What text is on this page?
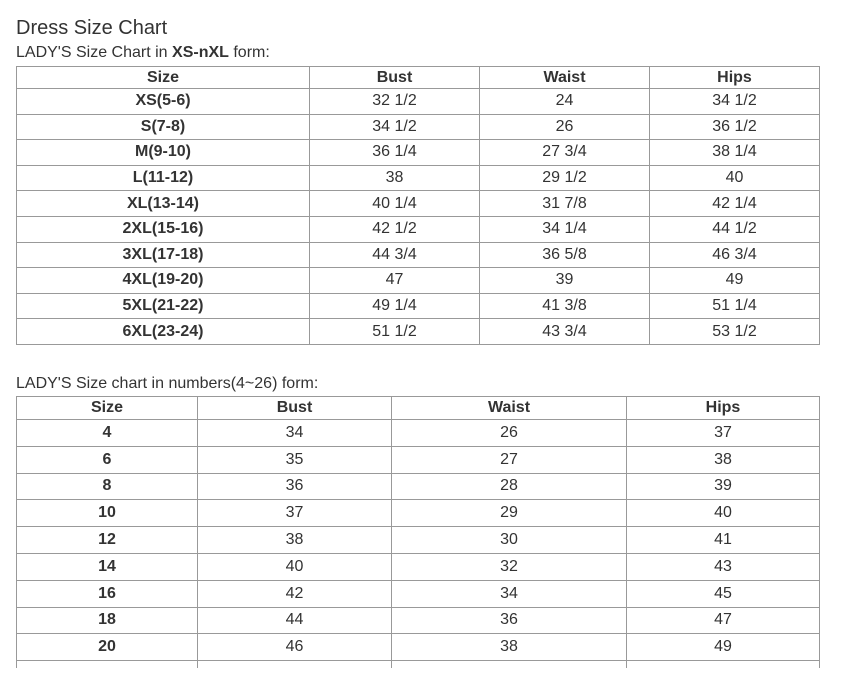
Dress Size Chart
LADY'S Size Chart in XS-nXL form:
Size	Bust	Waist	Hips
XS(5-6)	32 1/2	24	34 1/2
S(7-8)	34 1/2	26	36 1/2
M(9-10)	36 1/4	27 3/4	38 1/4
L(11-12)	38	29 1/2	40
XL(13-14)	40 1/4	31 7/8	42 1/4
2XL(15-16)	42 1/2	34 1/4	44 1/2
3XL(17-18)	44 3/4	36 5/8	46 3/4
4XL(19-20)	47	39	49
5XL(21-22)	49 1/4	41 3/8	51 1/4
6XL(23-24)	51 1/2	43 3/4	53 1/2
LADY'S Size chart in numbers(4~26) form:
Size	Bust	Waist	Hips
4	34	26	37
6	35	27	38
8	36	28	39
10	37	29	40
12	38	30	41
14	40	32	43
16	42	34	45
18	44	36	47
20	46	38	49
